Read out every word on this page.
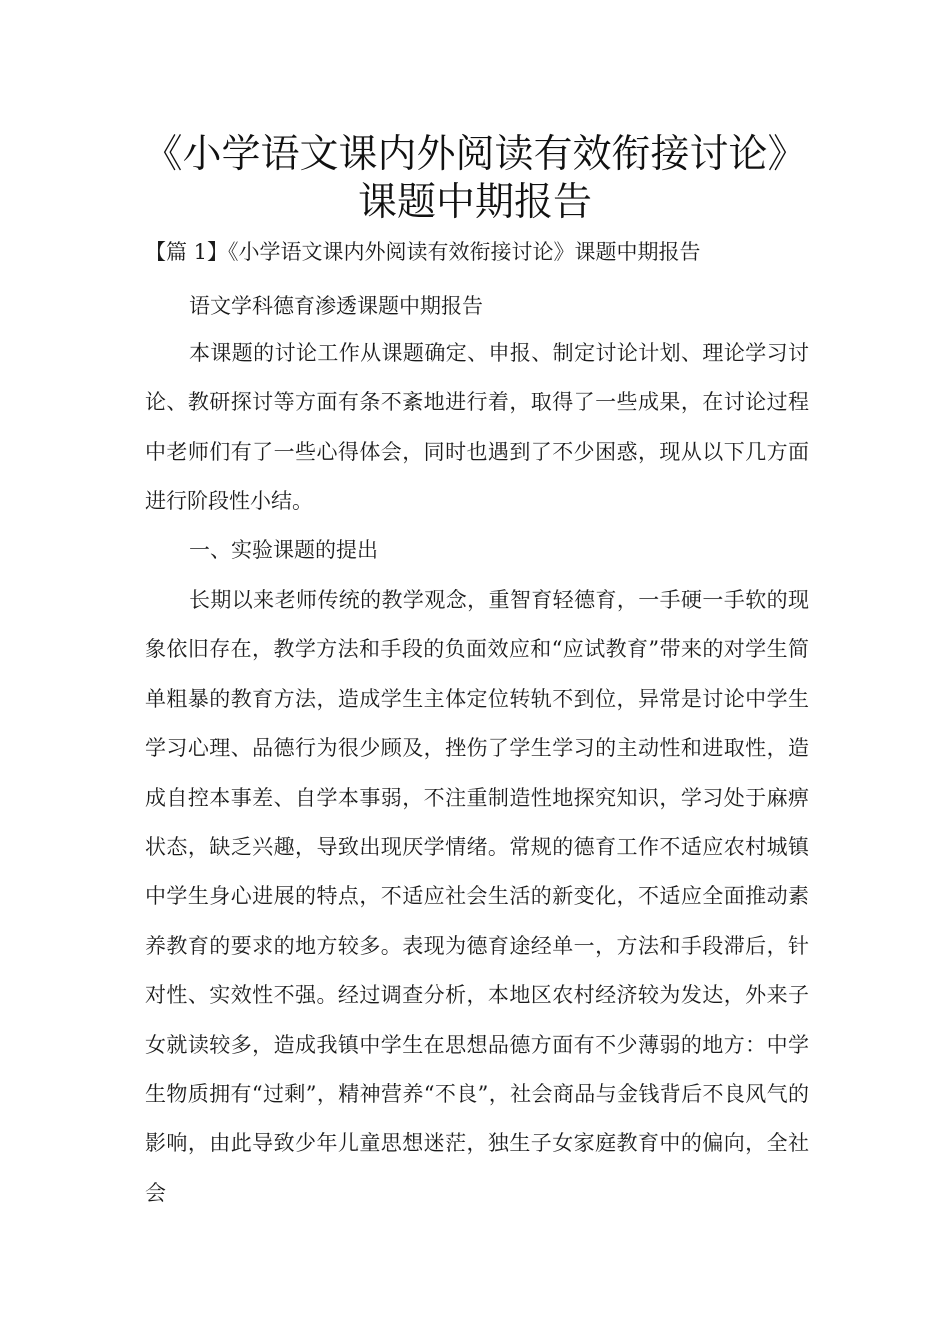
《小学语文课内外阅读有效衔接讨论》
课题中期报告

【篇 1】《小学语文课内外阅读有效衔接讨论》课题中期报告

语文学科德育渗透课题中期报告

本课题的讨论工作从课题确定、申报、制定讨论计划、理论学习讨论、教研探讨等方面有条不紊地进行着，取得了一些成果，在讨论过程中老师们有了一些心得体会，同时也遇到了不少困惑，现从以下几方面进行阶段性小结。

一、实验课题的提出

长期以来老师传统的教学观念，重智育轻德育，一手硬一手软的现象依旧存在，教学方法和手段的负面效应和“应试教育”带来的对学生简单粗暴的教育方法，造成学生主体定位转轨不到位，异常是讨论中学生学习心理、品德行为很少顾及，挫伤了学生学习的主动性和进取性，造成自控本事差、自学本事弱，不注重制造性地探究知识，学习处于麻痹状态，缺乏兴趣，导致出现厌学情绪。常规的德育工作不适应农村城镇中学生身心进展的特点，不适应社会生活的新变化，不适应全面推动素养教育的要求的地方较多。表现为德育途经单一，方法和手段滞后，针对性、实效性不强。经过调查分析，本地区农村经济较为发达，外来子女就读较多，造成我镇中学生在思想品德方面有不少薄弱的地方：中学生物质拥有“过剩”，精神营养“不良”，社会商品与金钱背后不良风气的影响，由此导致少年儿童思想迷茫，独生子女家庭教育中的偏向，全社会
